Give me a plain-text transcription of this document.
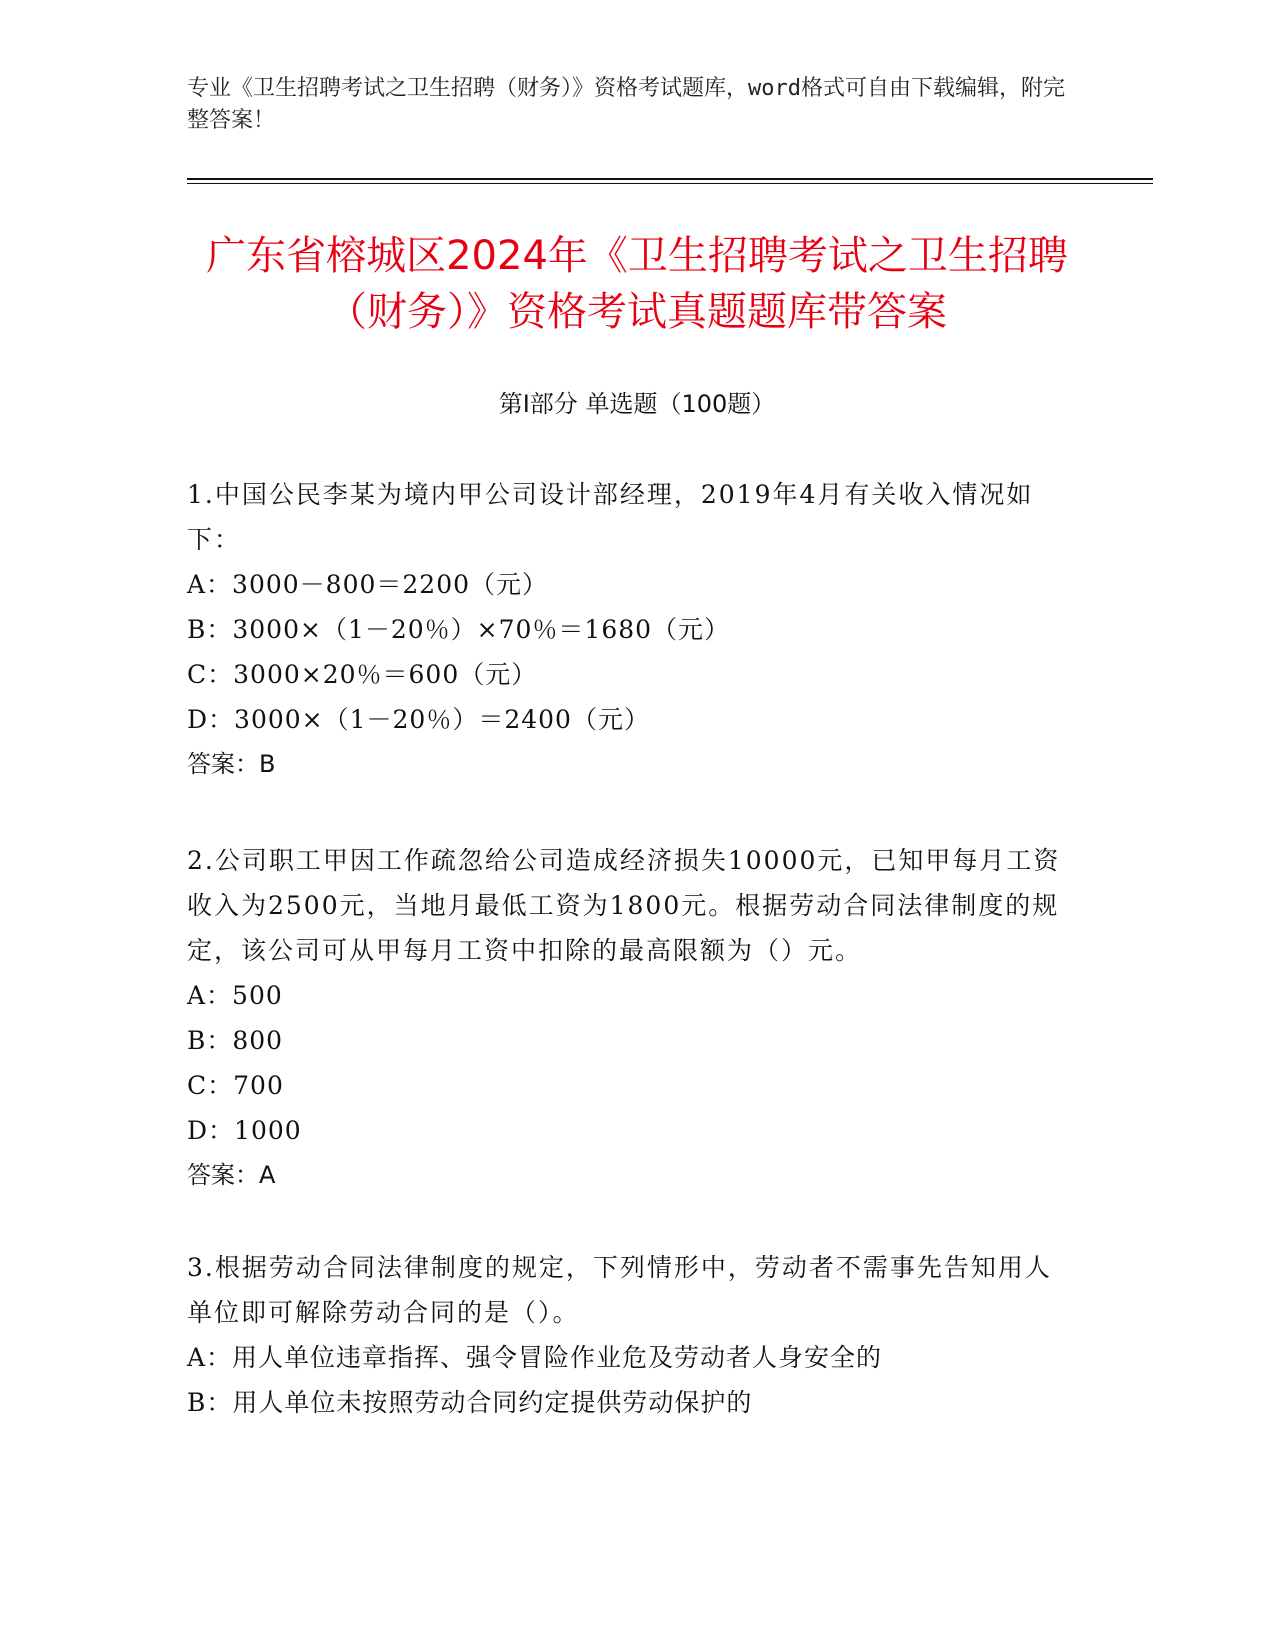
专业《卫生招聘考试之卫生招聘（财务）》资格考试题库，word格式可自由下载编辑，附完整答案！
广东省榕城区2024年《卫生招聘考试之卫生招聘（财务）》资格考试真题题库带答案
第Ⅰ部分 单选题（100题）

1.中国公民李某为境内甲公司设计部经理，2019年4月有关收入情况如下：

A：3000－800＝2200（元）

B：3000×（1－20％）×70％＝1680（元）

C：3000×20％＝600（元）

D：3000×（1－20％）＝2400（元）

答案：B

2.公司职工甲因工作疏忽给公司造成经济损失10000元，已知甲每月工资收入为2500元，当地月最低工资为1800元。根据劳动合同法律制度的规定，该公司可从甲每月工资中扣除的最高限额为（）元。

A：500

B：800

C：700

D：1000

答案：A

3.根据劳动合同法律制度的规定，下列情形中，劳动者不需事先告知用人单位即可解除劳动合同的是（）。

A：用人单位违章指挥、强令冒险作业危及劳动者人身安全的

B：用人单位未按照劳动合同约定提供劳动保护的
